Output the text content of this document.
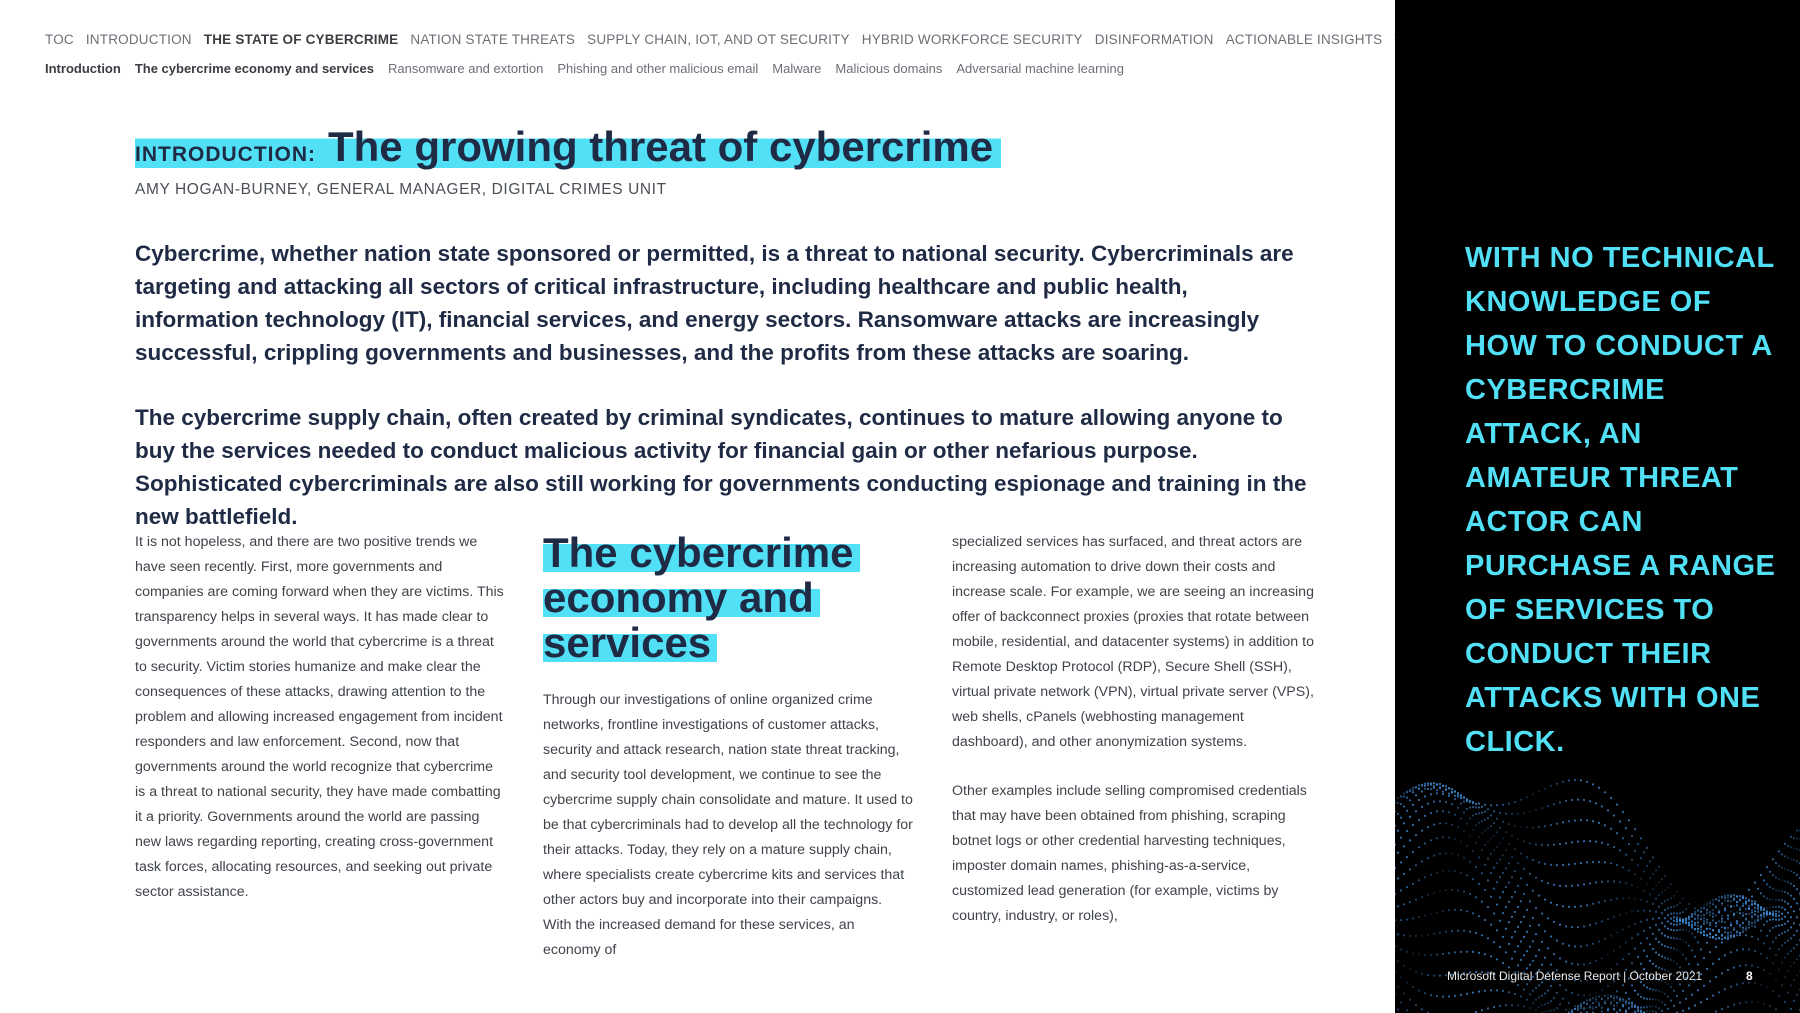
TOC INTRODUCTION THE STATE OF CYBERCRIME NATION STATE THREATS SUPPLY CHAIN, IOT, AND OT SECURITY HYBRID WORKFORCE SECURITY DISINFORMATION ACTIONABLE INSIGHTS
Introduction The cybercrime economy and services Ransomware and extortion Phishing and other malicious email Malware Malicious domains Adversarial machine learning
INTRODUCTION: The growing threat of cybercrime
AMY HOGAN-BURNEY, GENERAL MANAGER, DIGITAL CRIMES UNIT

Cybercrime, whether nation state sponsored or permitted, is a threat to national security. Cybercriminals are targeting and attacking all sectors of critical infrastructure, including healthcare and public health, information technology (IT), financial services, and energy sectors. Ransomware attacks are increasingly successful, crippling governments and businesses, and the profits from these attacks are soaring.

The cybercrime supply chain, often created by criminal syndicates, continues to mature allowing anyone to buy the services needed to conduct malicious activity for financial gain or other nefarious purpose. Sophisticated cybercriminals are also still working for governments conducting espionage and training in the new battlefield.

It is not hopeless, and there are two positive trends we have seen recently. First, more governments and companies are coming forward when they are victims. This transparency helps in several ways. It has made clear to governments around the world that cybercrime is a threat to security. Victim stories humanize and make clear the consequences of these attacks, drawing attention to the problem and allowing increased engagement from incident responders and law enforcement. Second, now that governments around the world recognize that cybercrime is a threat to national security, they have made combatting it a priority. Governments around the world are passing new laws regarding reporting, creating cross-government task forces, allocating resources, and seeking out private sector assistance.

The cybercrime economy and services

Through our investigations of online organized crime networks, frontline investigations of customer attacks, security and attack research, nation state threat tracking, and security tool development, we continue to see the cybercrime supply chain consolidate and mature. It used to be that cybercriminals had to develop all the technology for their attacks. Today, they rely on a mature supply chain, where specialists create cybercrime kits and services that other actors buy and incorporate into their campaigns. With the increased demand for these services, an economy of

specialized services has surfaced, and threat actors are increasing automation to drive down their costs and increase scale. For example, we are seeing an increasing offer of backconnect proxies (proxies that rotate between mobile, residential, and datacenter systems) in addition to Remote Desktop Protocol (RDP), Secure Shell (SSH), virtual private network (VPN), virtual private server (VPS), web shells, cPanels (webhosting management dashboard), and other anonymization systems.

Other examples include selling compromised credentials that may have been obtained from phishing, scraping botnet logs or other credential harvesting techniques, imposter domain names, phishing-as-a-service, customized lead generation (for example, victims by country, industry, or roles),

WITH NO TECHNICAL KNOWLEDGE OF HOW TO CONDUCT A CYBERCRIME ATTACK, AN AMATEUR THREAT ACTOR CAN PURCHASE A RANGE OF SERVICES TO CONDUCT THEIR ATTACKS WITH ONE CLICK.
Microsoft Digital Defense Report | October 2021	8
